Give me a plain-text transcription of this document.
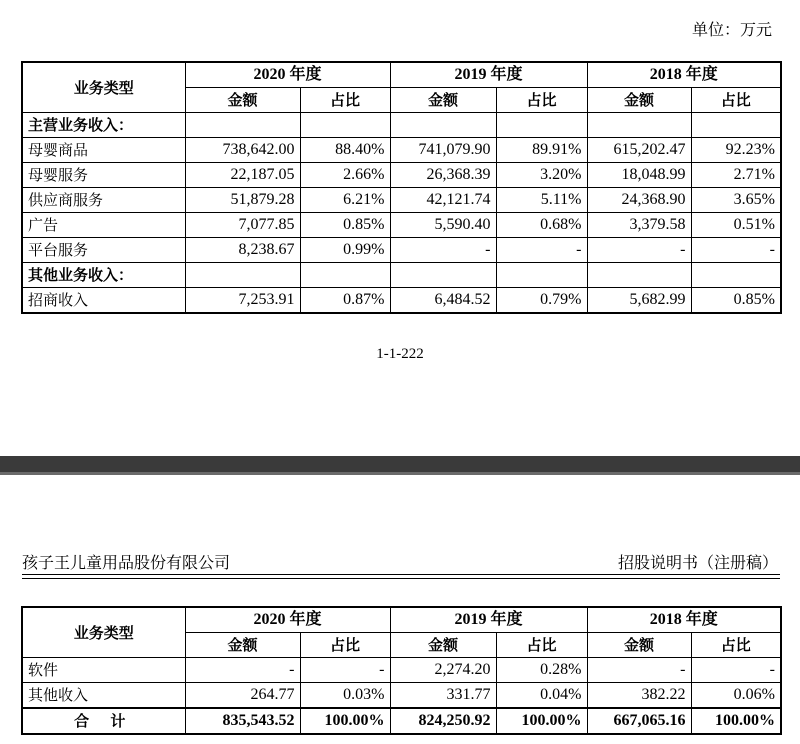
单位：万元
业务类型	2020 年度		2019 年度		2018 年度	
	金额	占比	金额	占比	金额	占比
主营业务收入：						
母婴商品	738,642.00	88.40%	741,079.90	89.91%	615,202.47	92.23%
母婴服务	22,187.05	2.66%	26,368.39	3.20%	18,048.99	2.71%
供应商服务	51,879.28	6.21%	42,121.74	5.11%	24,368.90	3.65%
广告	7,077.85	0.85%	5,590.40	0.68%	3,379.58	0.51%
平台服务	8,238.67	0.99%	-	-	-	-
其他业务收入：						
招商收入	7,253.91	0.87%	6,484.52	0.79%	5,682.99	0.85%
1-1-222
孩子王儿童用品股份有限公司	招股说明书（注册稿）
业务类型	2020 年度		2019 年度		2018 年度	
	金额	占比	金额	占比	金额	占比
软件	-	-	2,274.20	0.28%	-	-
其他收入	264.77	0.03%	331.77	0.04%	382.22	0.06%
合 计	835,543.52	100.00%	824,250.92	100.00%	667,065.16	100.00%
